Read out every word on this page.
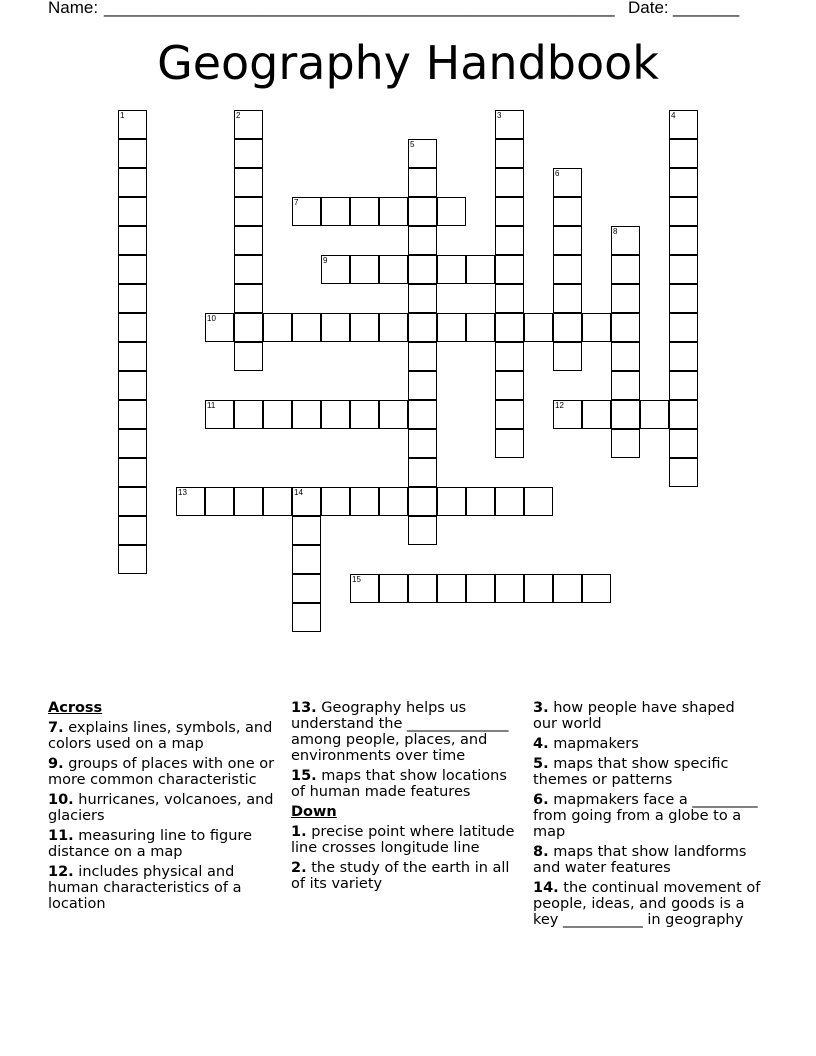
Name: ______________________________________________________ Date: _______
Geography Handbook
1	2	3	4
5
6
7
8
9
10
11	12
13	14
15
Across
7. explains lines, symbols, and colors used on a map
9. groups of places with one or more common characteristic
10. hurricanes, volcanoes, and glaciers
11. measuring line to figure distance on a map
12. includes physical and human characteristics of a location
13. Geography helps us understand the ______________ among people, places, and environments over time
15. maps that show locations of human made features
Down
1. precise point where latitude line crosses longitude line
2. the study of the earth in all of its variety
3. how people have shaped our world
4. mapmakers
5. maps that show specific themes or patterns
6. mapmakers face a _________ from going from a globe to a map
8. maps that show landforms and water features
14. the continual movement of people, ideas, and goods is a key ___________ in geography
